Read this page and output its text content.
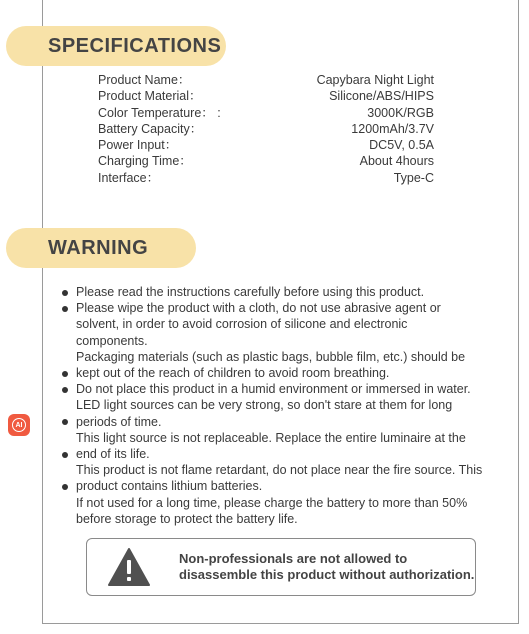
SPECIFICATIONS
Product Name：	Capybara Night Light
Product Material：	Silicone/ABS/HIPS
Color Temperature： :	3000K/RGB
Battery Capacity：	1200mAh/3.7V
Power Input：	DC5V, 0.5A
Charging Time：	About 4hours
Interface：	Type-C
WARNING
Please read the instructions carefully before using this product.
Please wipe the product with a cloth, do not use abrasive agent or
solvent, in order to avoid corrosion of silicone and electronic
components.
Packaging materials (such as plastic bags, bubble film, etc.) should be
kept out of the reach of children to avoid room breathing.
Do not place this product in a humid environment or immersed in water.
LED light sources can be very strong, so don't stare at them for long
periods of time.
This light source is not replaceable. Replace the entire luminaire at the
end of its life.
This product is not flame retardant, do not place near the fire source. This
product contains lithium batteries.
If not used for a long time, please charge the battery to more than 50%
before storage to protect the battery life.
Non-professionals are not allowed to
disassemble this product without authorization.
AI
